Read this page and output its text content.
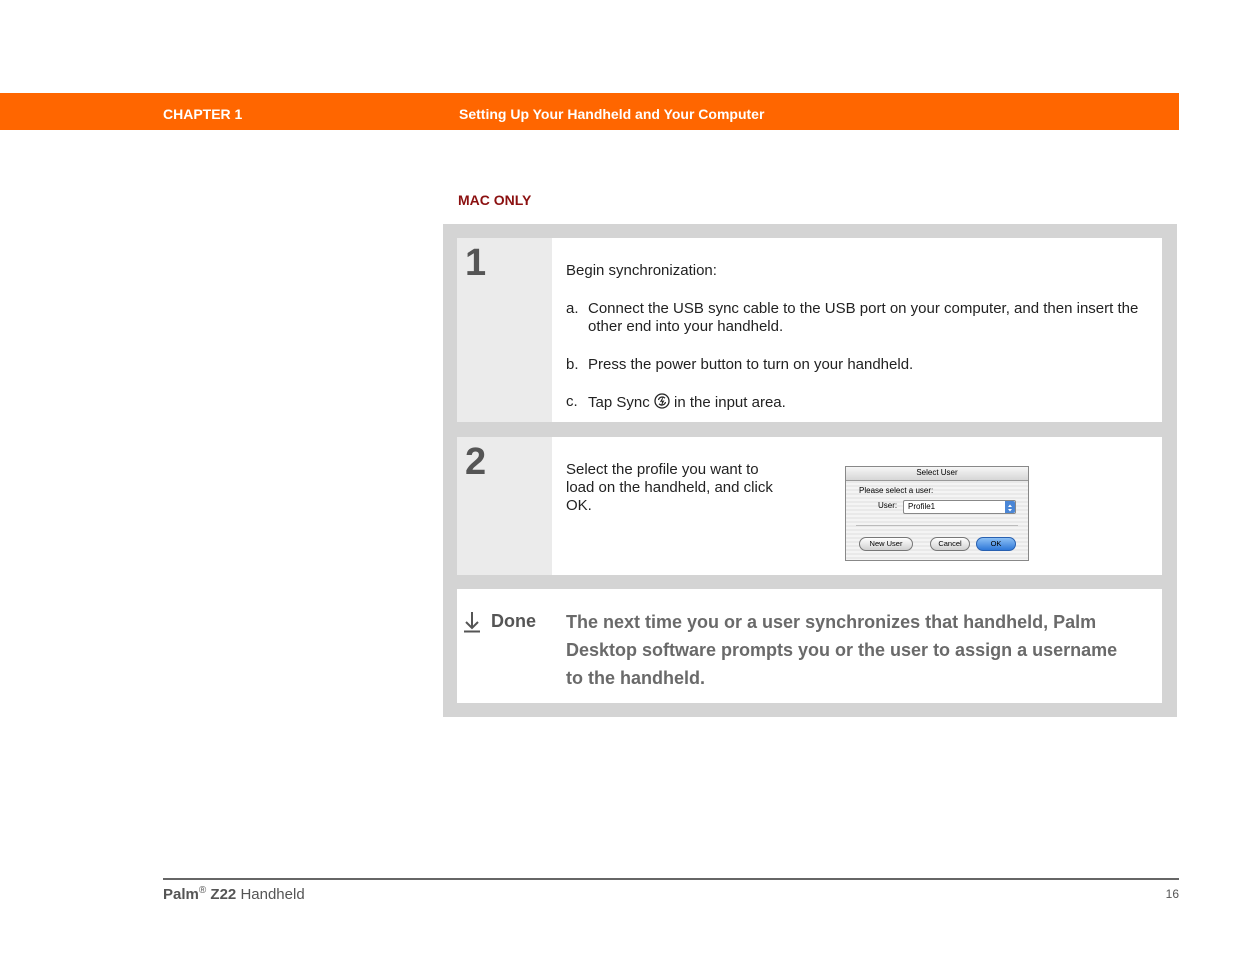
CHAPTER 1	Setting Up Your Handheld and Your Computer
MAC ONLY
1	Begin synchronization:
a. Connect the USB sync cable to the USB port on your computer, and then insert the other end into your handheld.
b. Press the power button to turn on your handheld.
c. Tap Sync in the input area.
2	Select the profile you want to load on the handheld, and click OK.
Select User
Please select a user:
User: Profile1
New User	Cancel	OK
Done The next time you or a user synchronizes that handheld, Palm Desktop software prompts you or the user to assign a username to the handheld.
Palm® Z22 Handheld	16
